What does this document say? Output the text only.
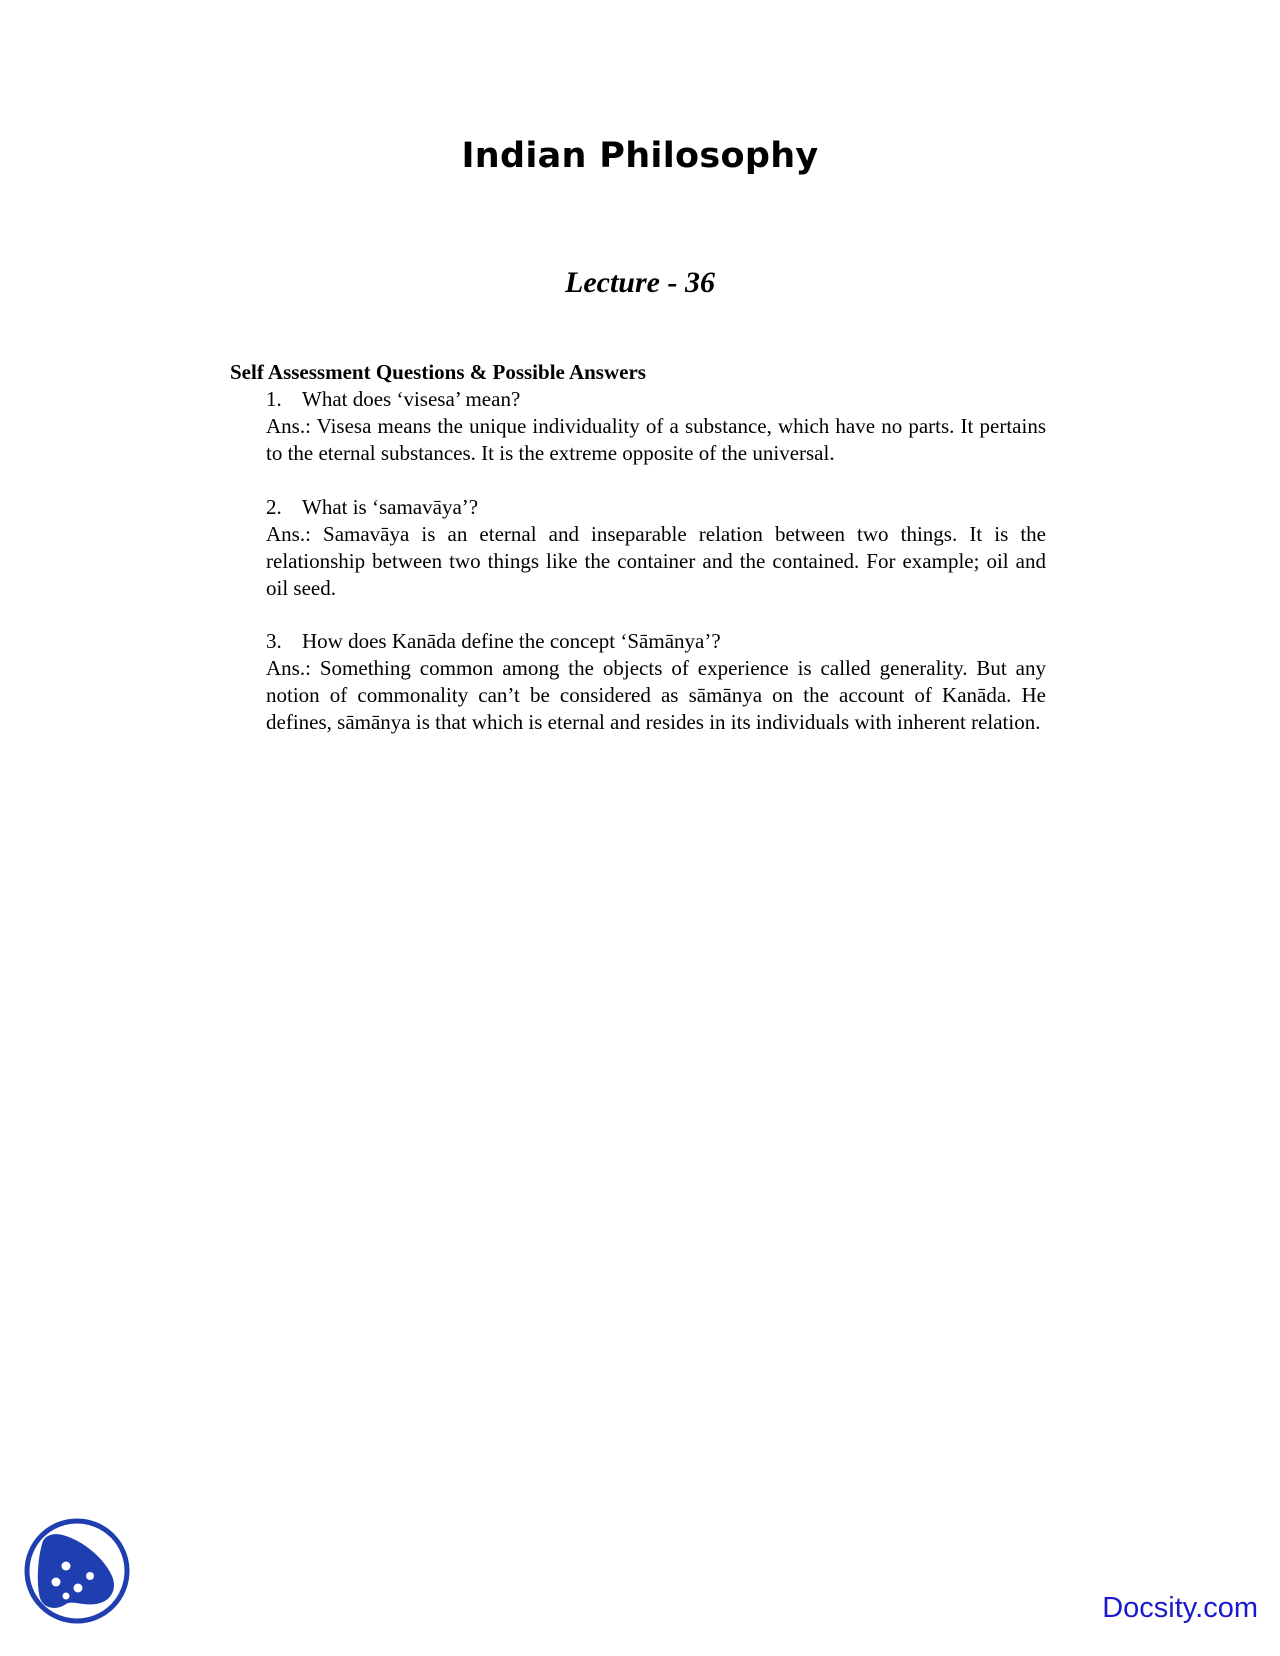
Indian Philosophy
Lecture - 36
Self Assessment Questions & Possible Answers
1. What does ‘visesa’ mean?
Ans.: Visesa means the unique individuality of a substance, which have no parts. It pertains to the eternal substances. It is the extreme opposite of the universal.
2. What is ‘samavāya’?
Ans.: Samavāya is an eternal and inseparable relation between two things. It is the relationship between two things like the container and the contained. For example; oil and oil seed.
3. How does Kanāda define the concept ‘Sāmānya’?
Ans.: Something common among the objects of experience is called generality. But any notion of commonality can’t be considered as sāmānya on the account of Kanāda. He defines, sāmānya is that which is eternal and resides in its individuals with inherent relation.
Docsity.com
